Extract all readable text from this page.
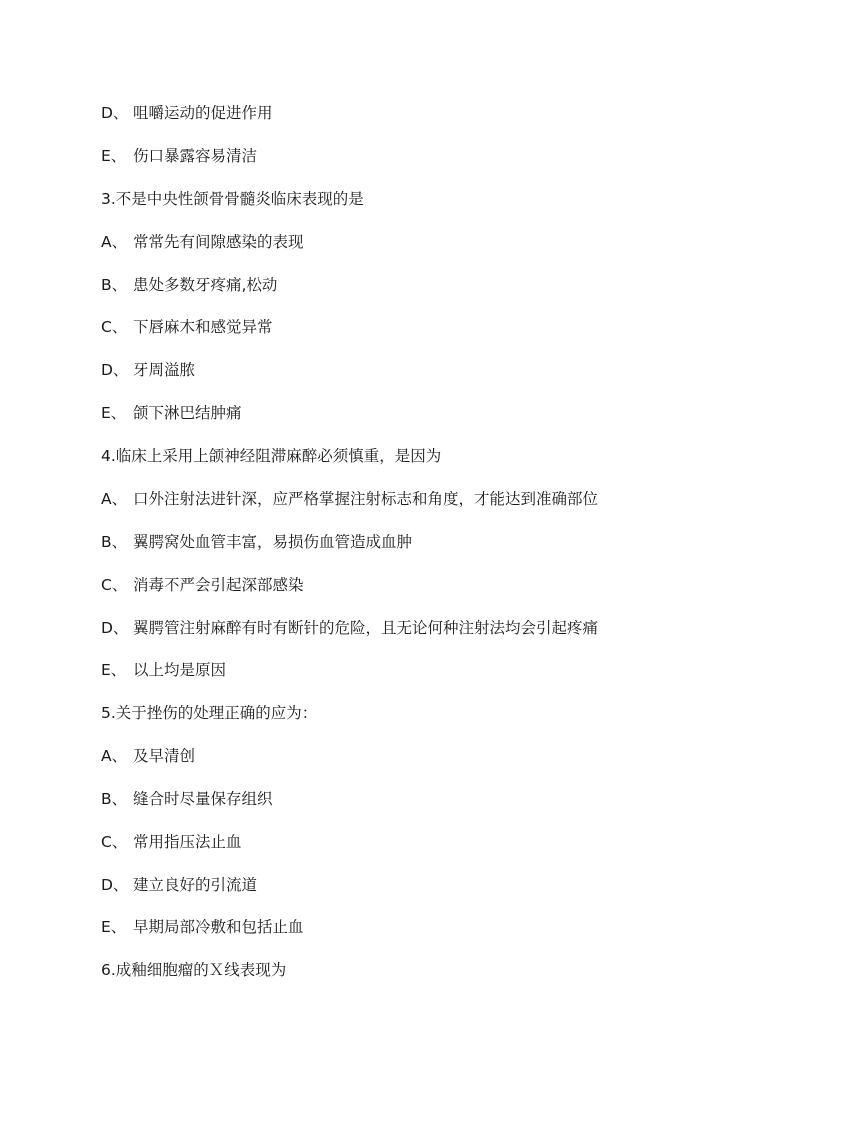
D、 咀嚼运动的促进作用
E、 伤口暴露容易清洁
3.不是中央性颌骨骨髓炎临床表现的是
A、 常常先有间隙感染的表现
B、 患处多数牙疼痛,松动
C、 下唇麻木和感觉异常
D、 牙周溢脓
E、 颌下淋巴结肿痛
4.临床上采用上颌神经阻滞麻醉必须慎重，是因为
A、 口外注射法进针深，应严格掌握注射标志和角度，才能达到准确部位
B、 翼腭窝处血管丰富，易损伤血管造成血肿
C、 消毒不严会引起深部感染
D、 翼腭管注射麻醉有时有断针的危险，且无论何种注射法均会引起疼痛
E、 以上均是原因
5.关于挫伤的处理正确的应为：
A、 及早清创
B、 缝合时尽量保存组织
C、 常用指压法止血
D、 建立良好的引流道
E、 早期局部冷敷和包括止血
6.成釉细胞瘤的Ｘ线表现为
